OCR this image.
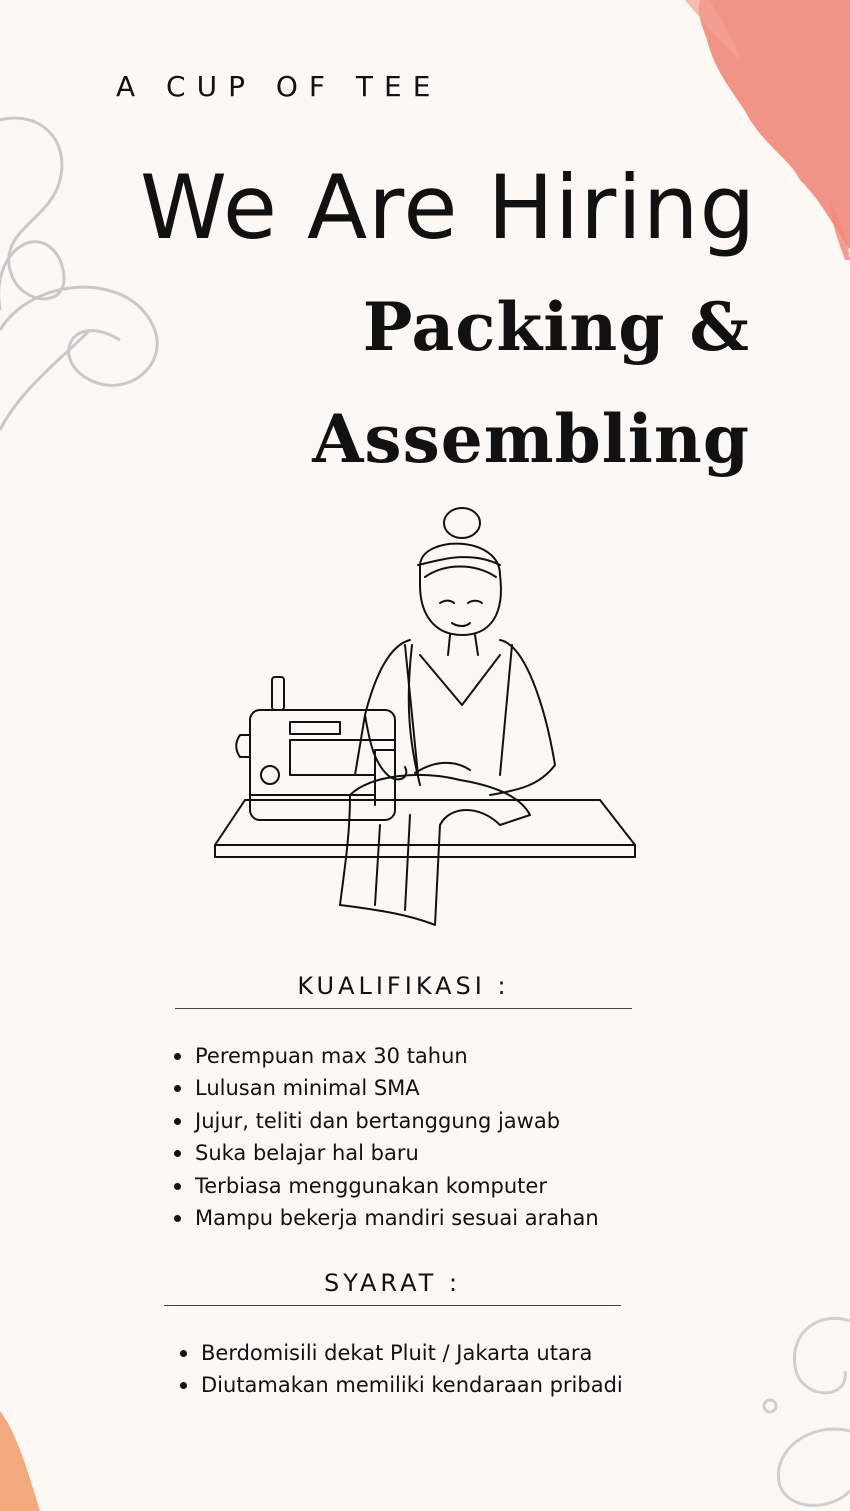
A CUP OF TEE
We Are Hiring
Packing &
Assembling
KUALIFIKASI :
Perempuan max 30 tahun
Lulusan minimal SMA
Jujur, teliti dan bertanggung jawab
Suka belajar hal baru
Terbiasa menggunakan komputer
Mampu bekerja mandiri sesuai arahan
SYARAT :
Berdomisili dekat Pluit / Jakarta utara
Diutamakan memiliki kendaraan pribadi
